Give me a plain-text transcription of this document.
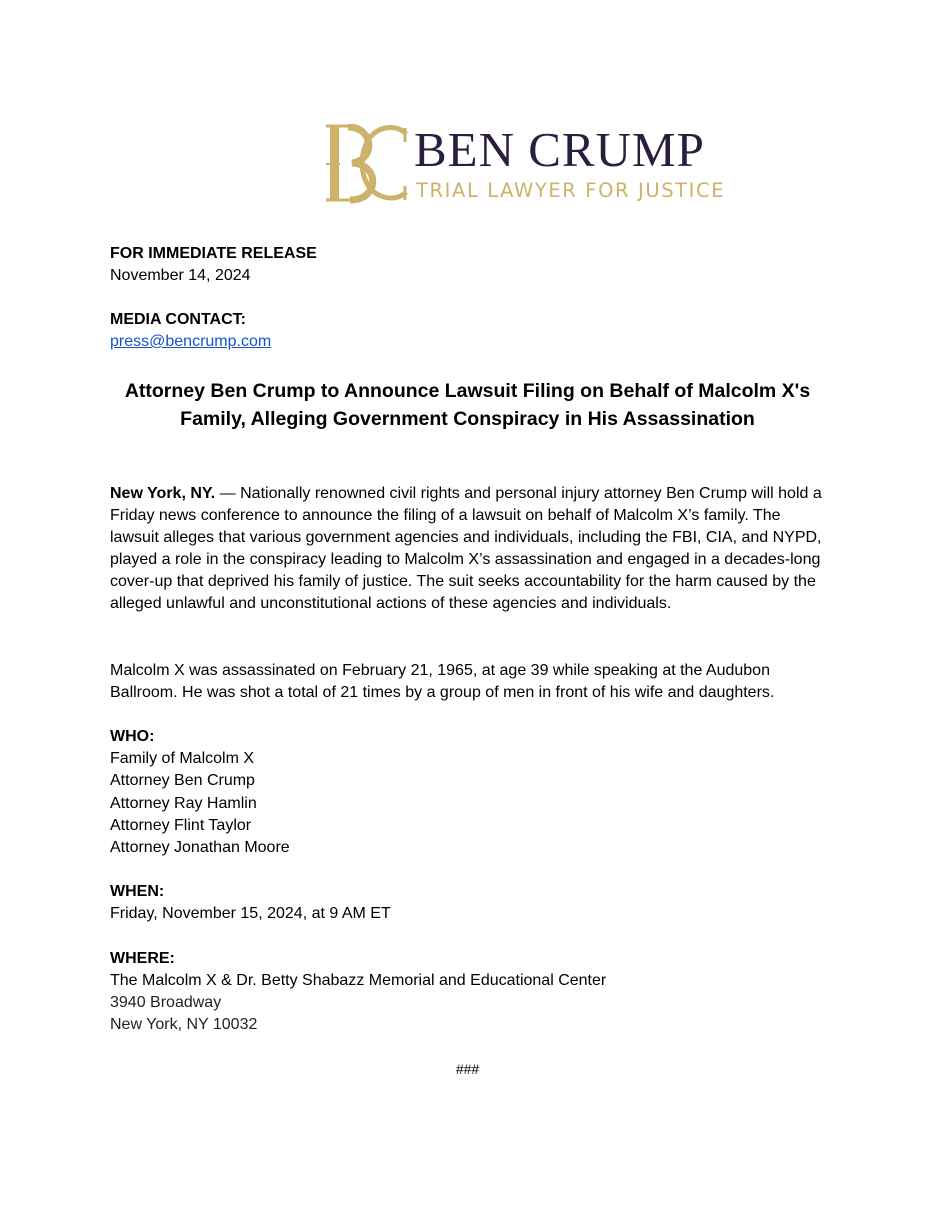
BEN CRUMP
TRIAL LAWYER FOR JUSTICE
FOR IMMEDIATE RELEASE
November 14, 2024
MEDIA CONTACT:
press@bencrump.com
Attorney Ben Crump to Announce Lawsuit Filing on Behalf of Malcolm X's Family, Alleging Government Conspiracy in His Assassination
New York, NY. — Nationally renowned civil rights and personal injury attorney Ben Crump will hold a Friday news conference to announce the filing of a lawsuit on behalf of Malcolm X’s family. The lawsuit alleges that various government agencies and individuals, including the FBI, CIA, and NYPD, played a role in the conspiracy leading to Malcolm X’s assassination and engaged in a decades-long cover-up that deprived his family of justice. The suit seeks accountability for the harm caused by the alleged unlawful and unconstitutional actions of these agencies and individuals.
Malcolm X was assassinated on February 21, 1965, at age 39 while speaking at the Audubon Ballroom. He was shot a total of 21 times by a group of men in front of his wife and daughters.
WHO:
Family of Malcolm X
Attorney Ben Crump
Attorney Ray Hamlin
Attorney Flint Taylor
Attorney Jonathan Moore
WHEN:
Friday, November 15, 2024, at 9 AM ET
WHERE:
The Malcolm X & Dr. Betty Shabazz Memorial and Educational Center
3940 Broadway
New York, NY 10032
###
